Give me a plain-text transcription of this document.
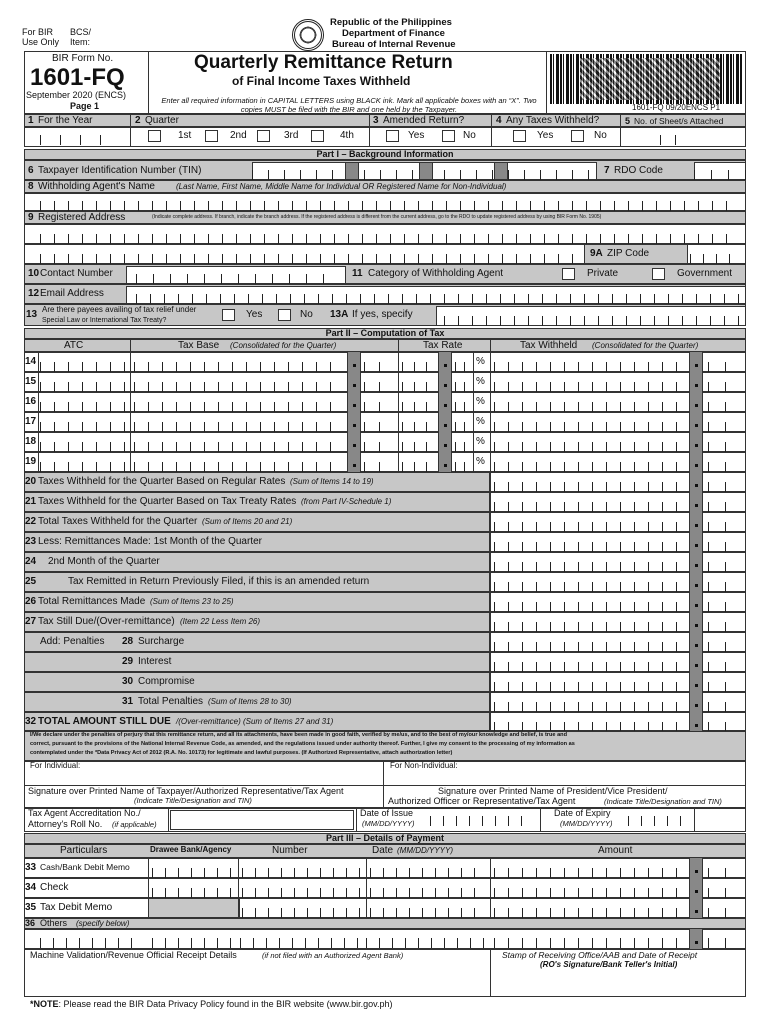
For BIR
Use Only
BCS/
Item:
Republic of the Philippines
Department of Finance
Bureau of Internal Revenue
BIR Form No.
1601-FQ
September 2020 (ENCS)
Page 1
Quarterly Remittance Return
of Final Income Taxes Withheld
Enter all required information in CAPITAL LETTERS using BLACK ink. Mark all applicable boxes with an “X”. Two copies MUST be filed with the BIR and one held by the Taxpayer.	1601-FQ 09/20ENCS P1
1 For the Year	2 Quarter
1st	2nd	3rd	4th
3 Amended Return?
Yes	No
4 Any Taxes Withheld?
Yes	No
5 No. of Sheet/s Attached
Part I – Background Information
6 Taxpayer Identification Number (TIN)	7 RDO Code
8 Withholding Agent's Name	(Last Name, First Name, Middle Name for Individual OR Registered Name for Non-Individual)
9 Registered Address	(Indicate complete address. If branch, indicate the branch address. If the registered address is different from the current address, go to the RDO to update registered address by using BIR Form No. 1905)
9A ZIP Code
10 Contact Number	11 Category of Withholding Agent	Private	Government
12 Email Address
13 Are there payees availing of tax relief under
Special Law or International Tax Treaty?
Yes	No 13A If yes, specify
Part II – Computation of Tax
ATC	Tax Base (Consolidated for the Quarter)	Tax Rate	Tax Withheld (Consolidated for the Quarter)
14	%
15	%
16	%
17	%
18	%
19	%
20 Taxes Withheld for the Quarter Based on Regular Rates (Sum of Items 14 to 19)
21 Taxes Withheld for the Quarter Based on Tax Treaty Rates (from Part IV-Schedule 1)
22 Total Taxes Withheld for the Quarter (Sum of Items 20 and 21)
23 Less: Remittances Made: 1st Month of the Quarter
24 2nd Month of the Quarter
25	Tax Remitted in Return Previously Filed, if this is an amended return
26 Total Remittances Made (Sum of Items 23 to 25)
27 Tax Still Due/(Over-remittance) (Item 22 Less Item 26)
28 Surcharge
Add: Penalties
29 Interest
30 Compromise
31 Total Penalties (Sum of Items 28 to 30)
32 TOTAL AMOUNT STILL DUE /(Over-remittance) (Sum of Items 27 and 31)
I/We declare under the penalties of perjury that this remittance return, and all its attachments, have been made in good faith, verified by me/us, and to the best of my/our knowledge and belief, is true and
correct, pursuant to the provisions of the National Internal Revenue Code, as amended, and the regulations issued under authority thereof. Further, I give my consent to the processing of my information as
contemplated under the *Data Privacy Act of 2012 (R.A. No. 10173) for legitimate and lawful purposes. (If Authorized Representative, attach authorization letter)
For Individual:	For Non-Individual:
Signature over Printed Name of Taxpayer/Authorized Representative/Tax Agent
(Indicate Title/Designation and TIN)
Signature over Printed Name of President/Vice President/
Authorized Officer or Representative/Tax Agent	(Indicate Title/Designation and TIN)
Tax Agent Accreditation No./
Attorney's Roll No. (if applicable)
Date of Issue
(MM/DD/YYYY)
Date of Expiry
(MM/DD/YYYY)
Part III – Details of Payment
Particulars	Drawee Bank/Agency	Number	Date (MM/DD/YYYY)	Amount
33 Cash/Bank Debit Memo
34 Check
35 Tax Debit Memo
36 Others (specify below)
Machine Validation/Revenue Official Receipt Details	(if not filed with an Authorized Agent Bank)	Stamp of Receiving Office/AAB and Date of Receipt
(RO's Signature/Bank Teller's Initial)
*NOTE: Please read the BIR Data Privacy Policy found in the BIR website (www.bir.gov.ph)
